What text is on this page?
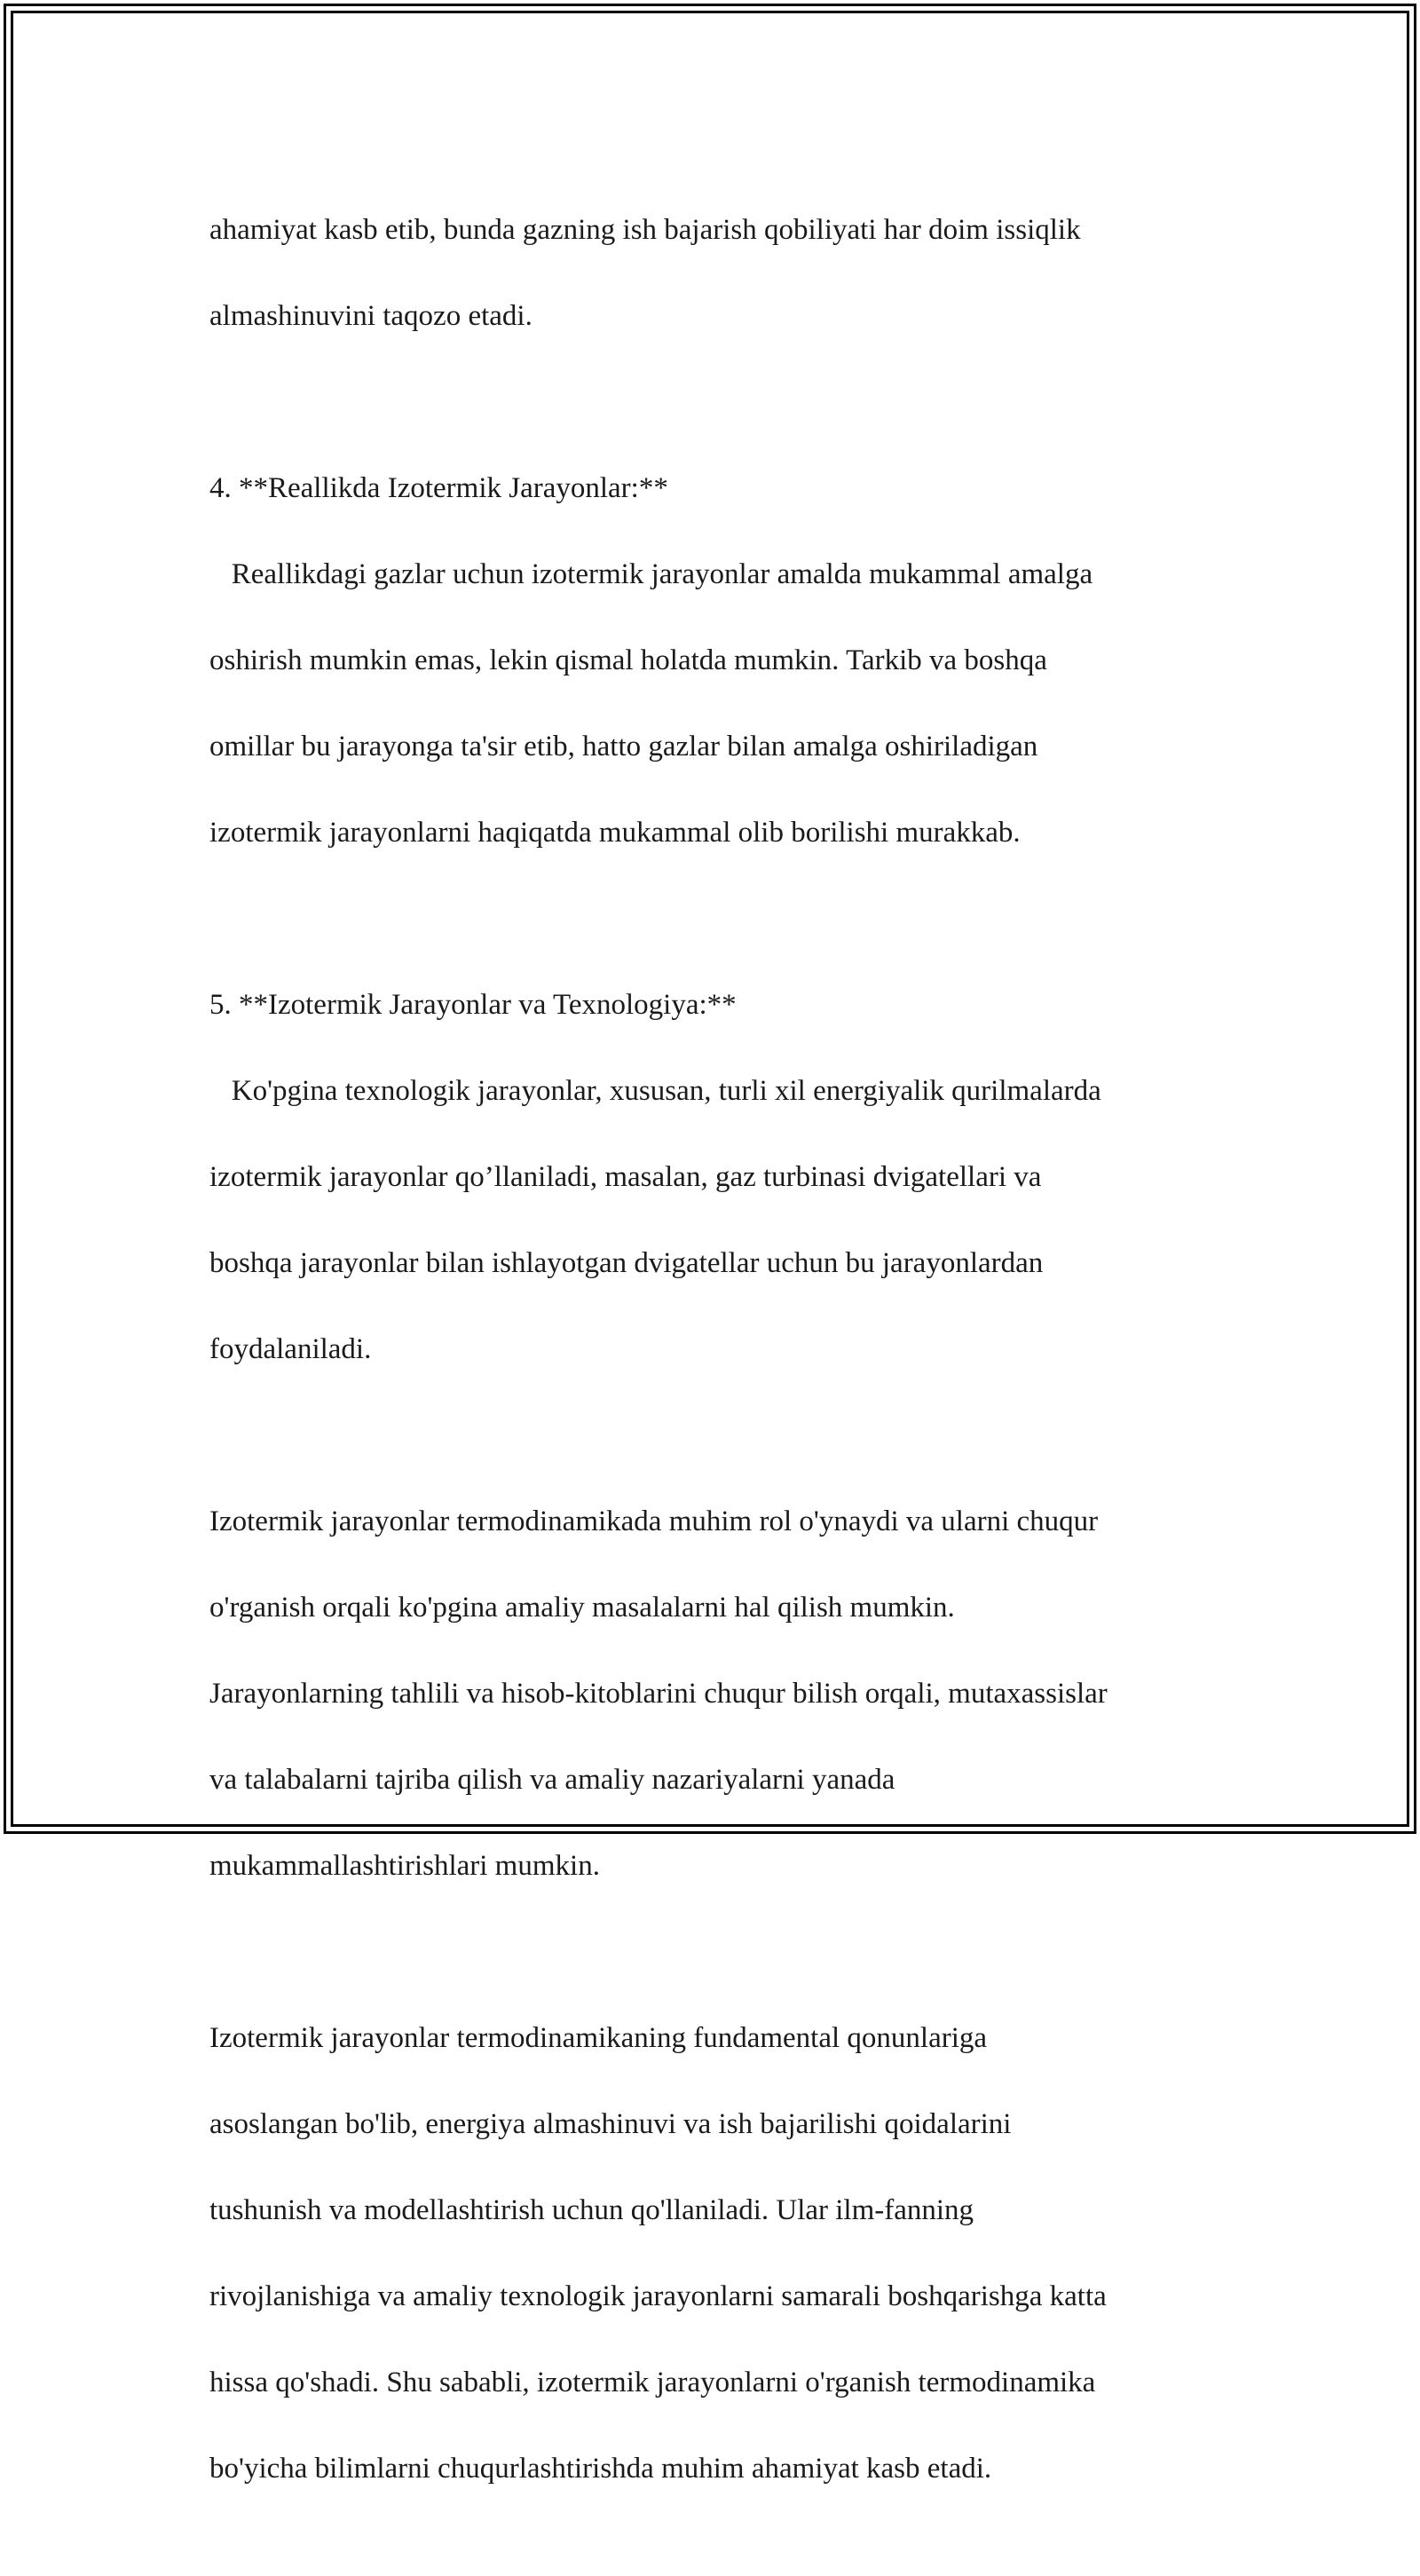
ahamiyat kasb etib, bunda gazning ish bajarish qobiliyati har doim issiqlik

almashinuvini taqozo etadi.

4. **Reallikda Izotermik Jarayonlar:**

Reallikdagi gazlar uchun izotermik jarayonlar amalda mukammal amalga

oshirish mumkin emas, lekin qismal holatda mumkin. Tarkib va boshqa

omillar bu jarayonga ta'sir etib, hatto gazlar bilan amalga oshiriladigan

izotermik jarayonlarni haqiqatda mukammal olib borilishi murakkab.

5. **Izotermik Jarayonlar va Texnologiya:**

Ko'pgina texnologik jarayonlar, xususan, turli xil energiyalik qurilmalarda

izotermik jarayonlar qo’llaniladi, masalan, gaz turbinasi dvigatellari va

boshqa jarayonlar bilan ishlayotgan dvigatellar uchun bu jarayonlardan

foydalaniladi.

Izotermik jarayonlar termodinamikada muhim rol o'ynaydi va ularni chuqur

o'rganish orqali ko'pgina amaliy masalalarni hal qilish mumkin.

Jarayonlarning tahlili va hisob-kitoblarini chuqur bilish orqali, mutaxassislar

va talabalarni tajriba qilish va amaliy nazariyalarni yanada

mukammallashtirishlari mumkin.

Izotermik jarayonlar termodinamikaning fundamental qonunlariga

asoslangan bo'lib, energiya almashinuvi va ish bajarilishi qoidalarini

tushunish va modellashtirish uchun qo'llaniladi. Ular ilm-fanning

rivojlanishiga va amaliy texnologik jarayonlarni samarali boshqarishga katta

hissa qo'shadi. Shu sababli, izotermik jarayonlarni o'rganish termodinamika

bo'yicha bilimlarni chuqurlashtirishda muhim ahamiyat kasb etadi.
